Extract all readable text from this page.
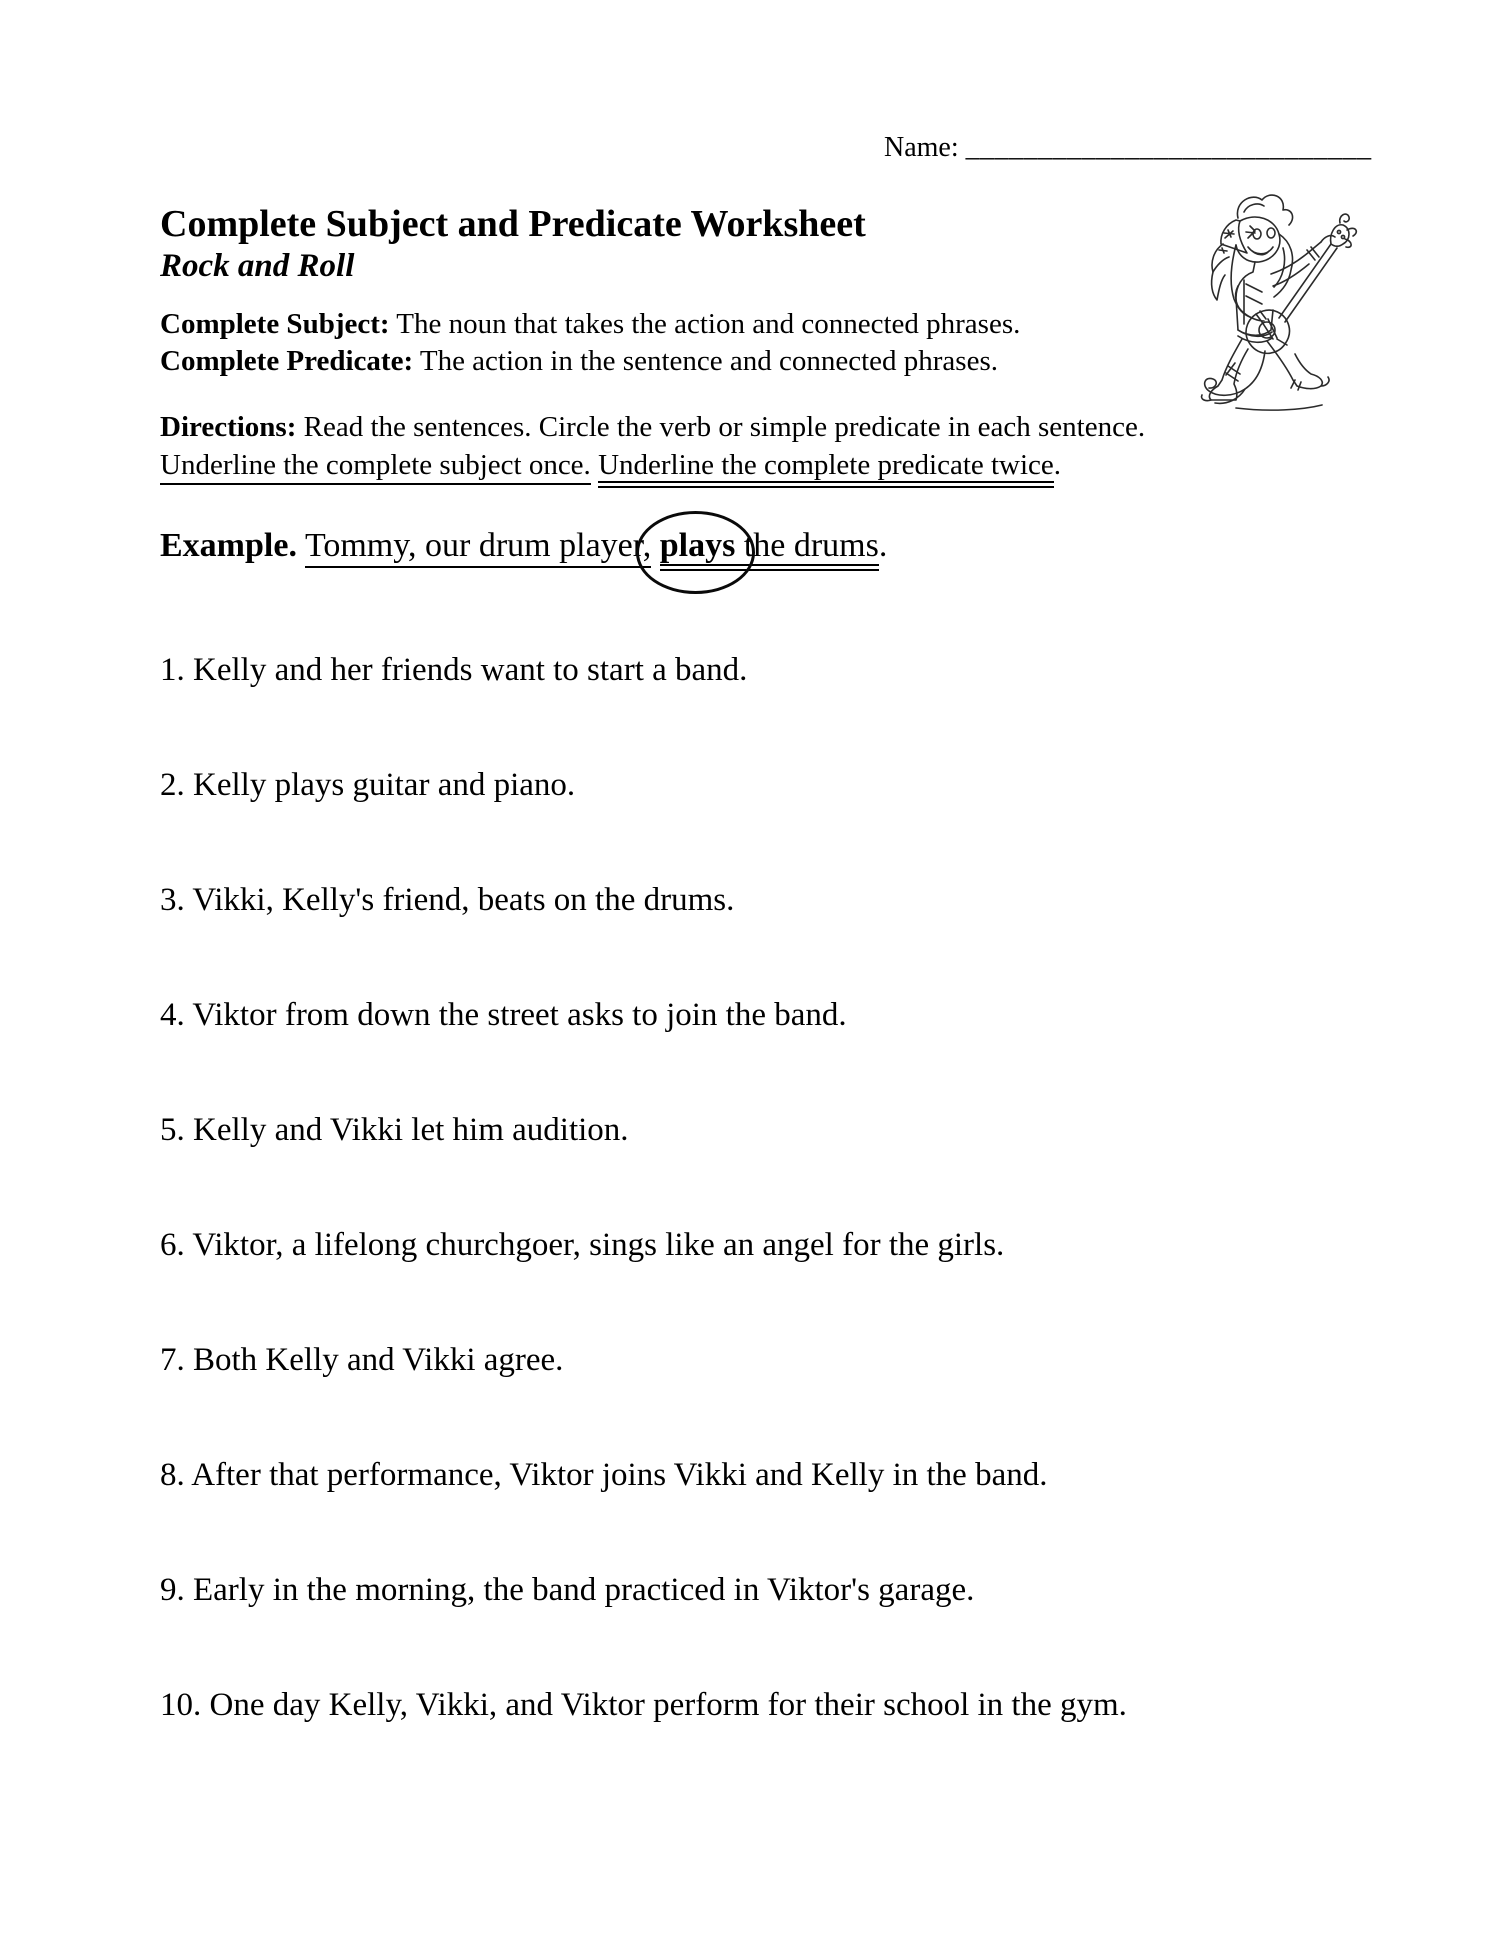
Name: ____________________________
Complete Subject and Predicate Worksheet
Rock and Roll

Complete Subject: The noun that takes the action and connected phrases.

Complete Predicate: The action in the sentence and connected phrases.

Directions: Read the sentences. Circle the verb or simple predicate in each sentence.

Underline the complete subject once. Underline the complete predicate twice.

Example. Tommy, our drum player, plays the drums.

1. Kelly and her friends want to start a band.

2. Kelly plays guitar and piano.

3. Vikki, Kelly's friend, beats on the drums.

4. Viktor from down the street asks to join the band.

5. Kelly and Vikki let him audition.

6. Viktor, a lifelong churchgoer, sings like an angel for the girls.

7. Both Kelly and Vikki agree.

8. After that performance, Viktor joins Vikki and Kelly in the band.

9. Early in the morning, the band practiced in Viktor's garage.

10. One day Kelly, Vikki, and Viktor perform for their school in the gym.
